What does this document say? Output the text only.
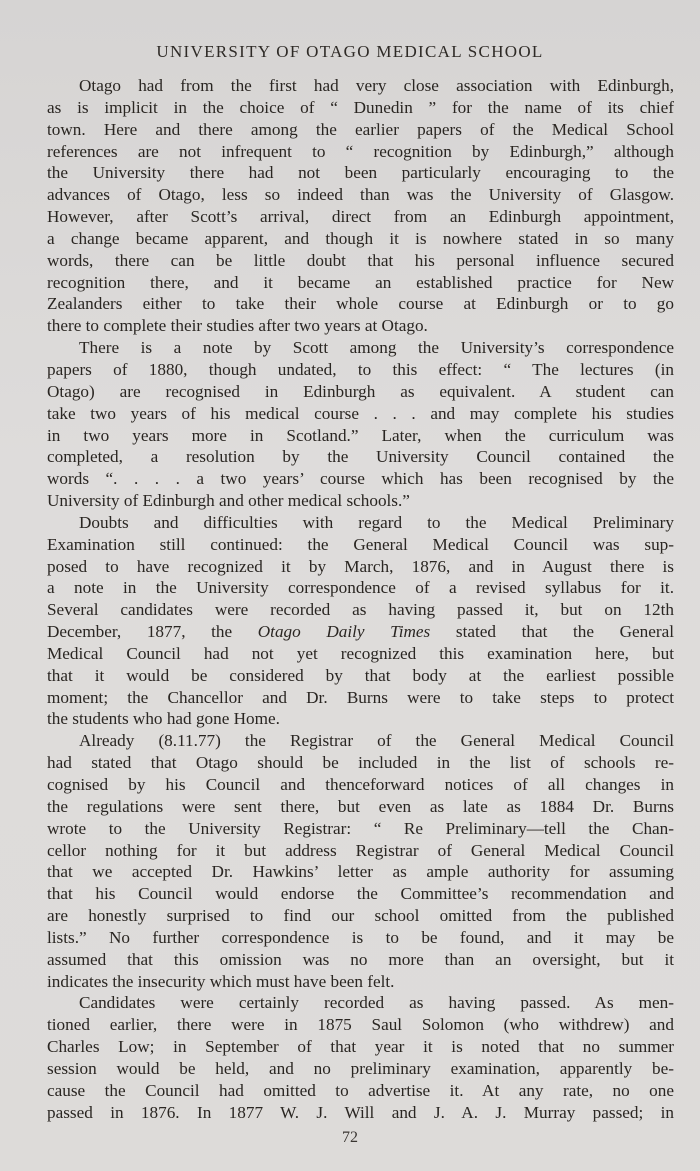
UNIVERSITY OF OTAGO MEDICAL SCHOOL
Otago had from the first had very close association with Edinburgh,
as is implicit in the choice of “ Dunedin ” for the name of its chief
town. Here and there among the earlier papers of the Medical School
references are not infrequent to “ recognition by Edinburgh,” although
the University there had not been particularly encouraging to the
advances of Otago, less so indeed than was the University of Glasgow.
However, after Scott’s arrival, direct from an Edinburgh appointment,
a change became apparent, and though it is nowhere stated in so many
words, there can be little doubt that his personal influence secured
recognition there, and it became an established practice for New
Zealanders either to take their whole course at Edinburgh or to go
there to complete their studies after two years at Otago.
There is a note by Scott among the University’s correspondence
papers of 1880, though undated, to this effect: “ The lectures (in
Otago) are recognised in Edinburgh as equivalent. A student can
take two years of his medical course . . . and may complete his studies
in two years more in Scotland.” Later, when the curriculum was
completed, a resolution by the University Council contained the
words “. . . . a two years’ course which has been recognised by the
University of Edinburgh and other medical schools.”
Doubts and difficulties with regard to the Medical Preliminary
Examination still continued: the General Medical Council was sup-
posed to have recognized it by March, 1876, and in August there is
a note in the University correspondence of a revised syllabus for it.
Several candidates were recorded as having passed it, but on 12th
December, 1877, the Otago Daily Times stated that the General
Medical Council had not yet recognized this examination here, but
that it would be considered by that body at the earliest possible
moment; the Chancellor and Dr. Burns were to take steps to protect
the students who had gone Home.
Already (8.11.77) the Registrar of the General Medical Council
had stated that Otago should be included in the list of schools re-
cognised by his Council and thenceforward notices of all changes in
the regulations were sent there, but even as late as 1884 Dr. Burns
wrote to the University Registrar: “ Re Preliminary—tell the Chan-
cellor nothing for it but address Registrar of General Medical Council
that we accepted Dr. Hawkins’ letter as ample authority for assuming
that his Council would endorse the Committee’s recommendation and
are honestly surprised to find our school omitted from the published
lists.” No further correspondence is to be found, and it may be
assumed that this omission was no more than an oversight, but it
indicates the insecurity which must have been felt.
Candidates were certainly recorded as having passed. As men-
tioned earlier, there were in 1875 Saul Solomon (who withdrew) and
Charles Low; in September of that year it is noted that no summer
session would be held, and no preliminary examination, apparently be-
cause the Council had omitted to advertise it. At any rate, no one
passed in 1876. In 1877 W. J. Will and J. A. J. Murray passed; in
72
